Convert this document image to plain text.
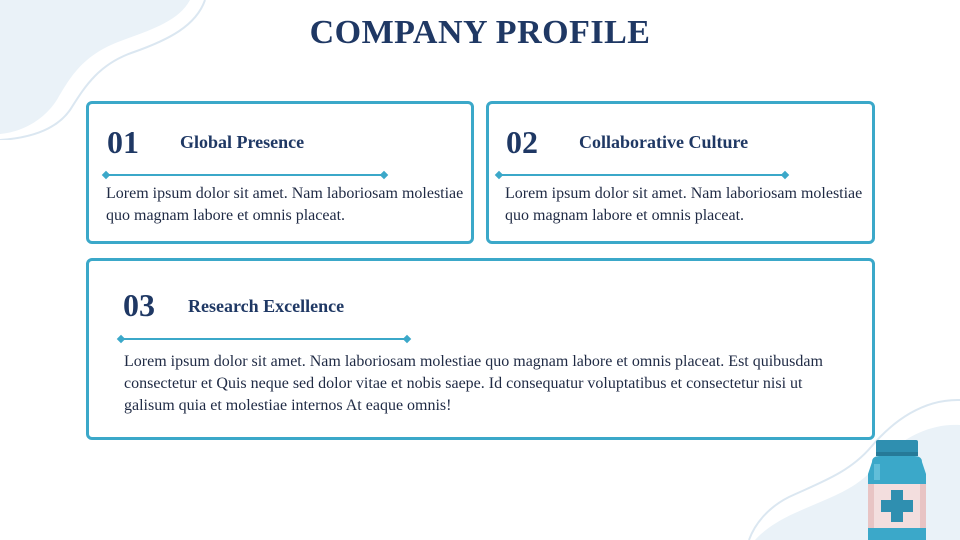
COMPANY PROFILE
01 Global Presence
Lorem ipsum dolor sit amet. Nam laboriosam molestiae quo magnam labore et omnis placeat.
02 Collaborative Culture
Lorem ipsum dolor sit amet. Nam laboriosam molestiae quo magnam labore et omnis placeat.
03 Research Excellence
Lorem ipsum dolor sit amet. Nam laboriosam molestiae quo magnam labore et omnis placeat. Est quibusdam consectetur et Quis neque sed dolor vitae et nobis saepe. Id consequatur voluptatibus et consectetur nisi ut galisum quia et molestiae internos At eaque omnis!
